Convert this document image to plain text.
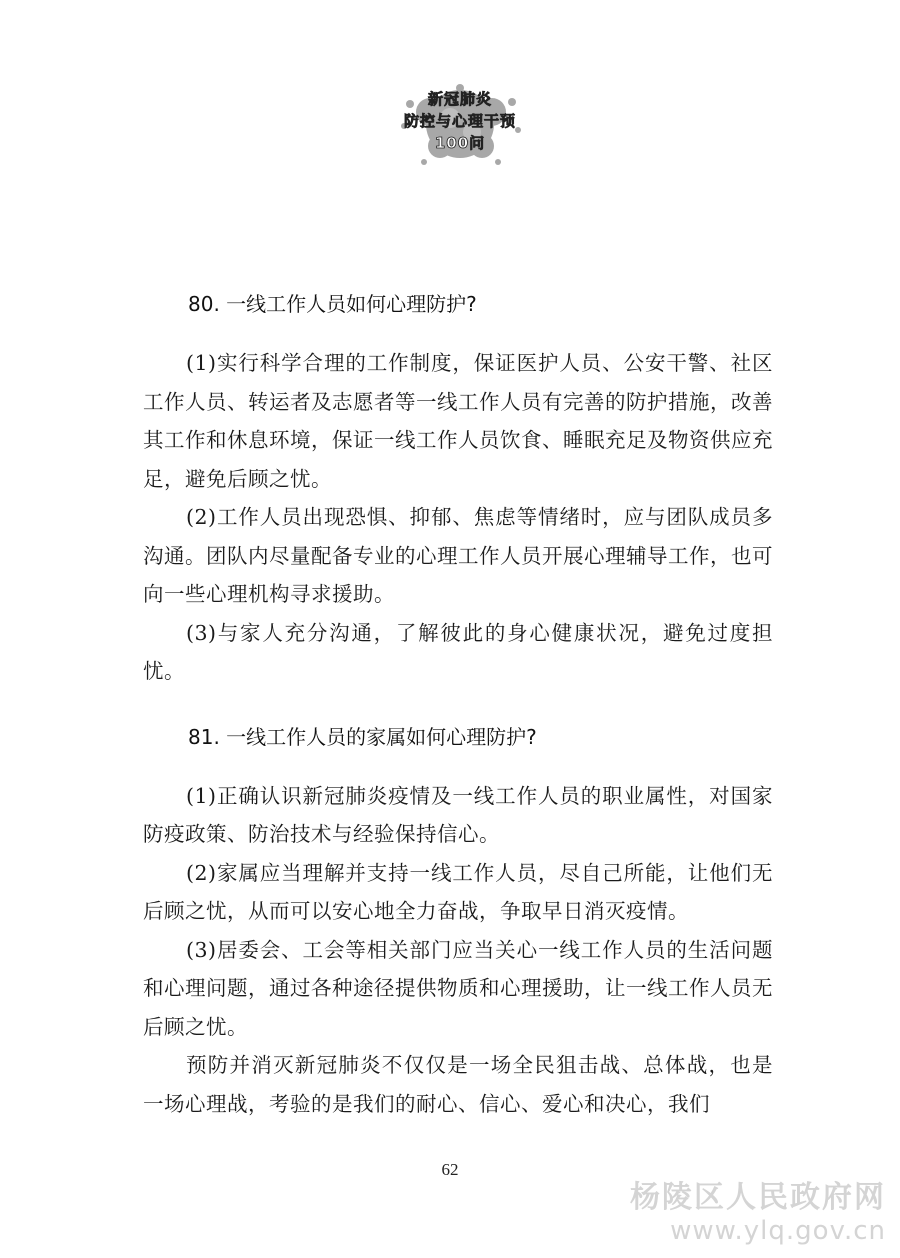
新冠肺炎
防控与心理干预
100问
80. 一线工作人员如何心理防护?

(1)实行科学合理的工作制度，保证医护人员、公安干警、社区工作人员、转运者及志愿者等一线工作人员有完善的防护措施，改善其工作和休息环境，保证一线工作人员饮食、睡眠充足及物资供应充足，避免后顾之忧。

(2)工作人员出现恐惧、抑郁、焦虑等情绪时，应与团队成员多沟通。团队内尽量配备专业的心理工作人员开展心理辅导工作，也可向一些心理机构寻求援助。

(3)与家人充分沟通，了解彼此的身心健康状况，避免过度担忧。

81. 一线工作人员的家属如何心理防护?

(1)正确认识新冠肺炎疫情及一线工作人员的职业属性，对国家防疫政策、防治技术与经验保持信心。

(2)家属应当理解并支持一线工作人员，尽自己所能，让他们无后顾之忧，从而可以安心地全力奋战，争取早日消灭疫情。

(3)居委会、工会等相关部门应当关心一线工作人员的生活问题和心理问题，通过各种途径提供物质和心理援助，让一线工作人员无后顾之忧。

预防并消灭新冠肺炎不仅仅是一场全民狙击战、总体战，也是一场心理战，考验的是我们的耐心、信心、爱心和决心，我们

62
杨陵区人民政府网
www.ylq.gov.cn
